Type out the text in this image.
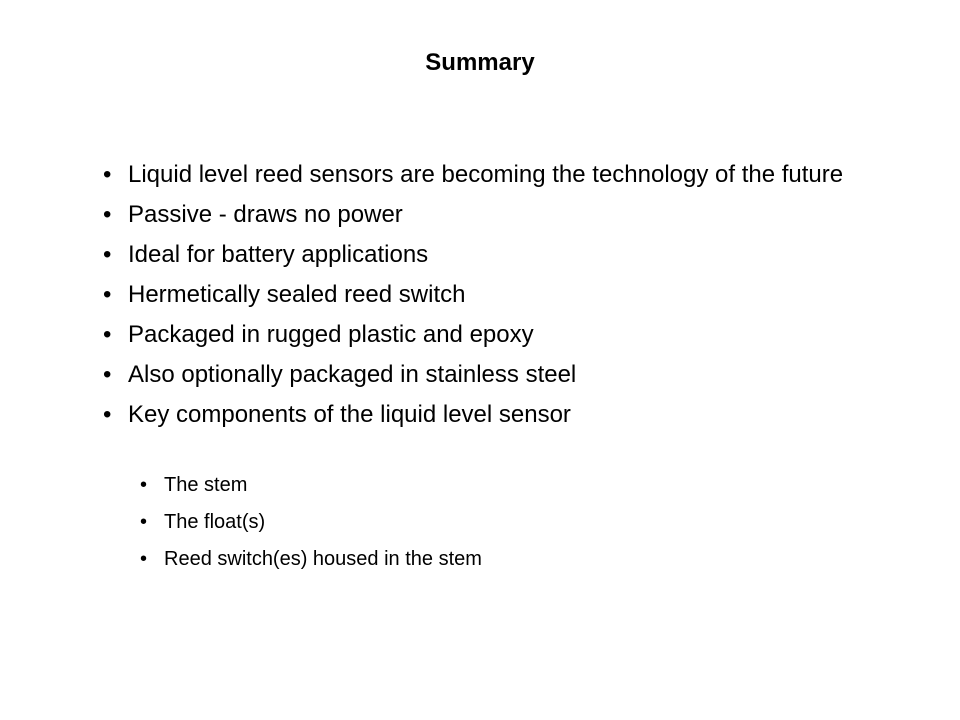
Summary
• Liquid level reed sensors are becoming the technology of the future
• Passive - draws no power
• Ideal for battery applications
• Hermetically sealed reed switch
• Packaged in rugged plastic and epoxy
• Also optionally packaged in stainless steel
• Key components of the liquid level sensor
• The stem
• The float(s)
• Reed switch(es) housed in the stem
